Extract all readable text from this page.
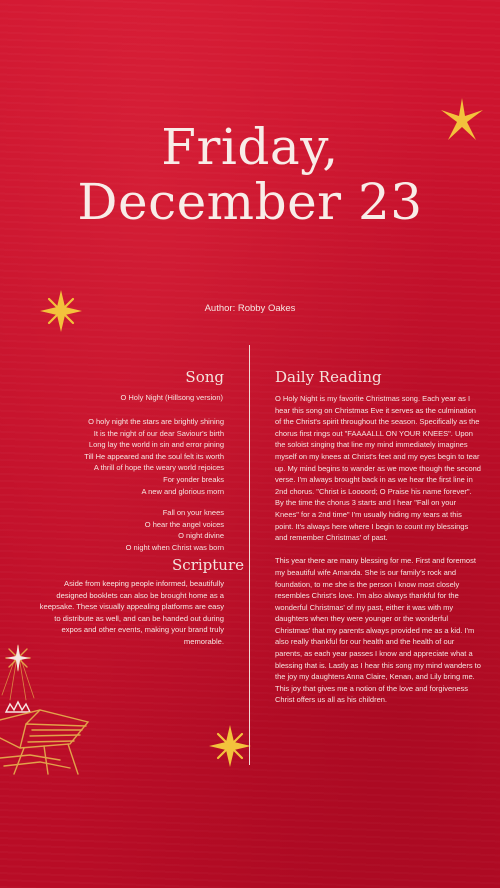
Friday,
December 23
Author: Robby Oakes
Song
O Holy Night (Hillsong version)
O holy night the stars are brightly shining
It is the night of our dear Saviour's birth
Long lay the world in sin and error pining
Till He appeared and the soul felt its worth
A thrill of hope the weary world rejoices
For yonder breaks
A new and glorious morn
Fall on your knees
O hear the angel voices
O night divine
O night when Christ was born
Scripture

Aside from keeping people informed, beautifully designed booklets can also be brought home as a keepsake. These visually appealing platforms are easy to distribute as well, and can be handed out during expos and other events, making your brand truly memorable.

Daily Reading

O Holy Night is my favorite Christmas song. Each year as I hear this song on Christmas Eve it serves as the culmination of the Christ's spirit throughout the season. Specifically as the chorus first rings out "FAAAALLL ON YOUR KNEES". Upon the soloist singing that line my mind immediately imagines myself on my knees at Christ's feet and my eyes begin to tear up. My mind begins to wander as we move though the second verse. I'm always brought back in as we hear the first line in 2nd chorus. "Christ is Loooord; O Praise his name forever". By the time the chorus 3 starts and I hear "Fall on your Knees" for a 2nd time" I'm usually hiding my tears at this point. It's always here where I begin to count my blessings and remember Christmas' of past.

This year there are many blessing for me. First and foremost my beautiful wife Amanda. She is our family's rock and foundation, to me she is the person I know most closely resembles Christ's love. I'm also always thankful for the wonderful Christmas' of my past, either it was with my daughters when they were younger or the wonderful Christmas' that my parents always provided me as a kid. I'm also really thankful for our health and the health of our parents, as each year passes I know and appreciate what a blessing that is. Lastly as I hear this song my mind wanders to the joy my daughters Anna Claire, Kenan, and Lily bring me. This joy that gives me a notion of the love and forgiveness Christ offers us all as his children.
